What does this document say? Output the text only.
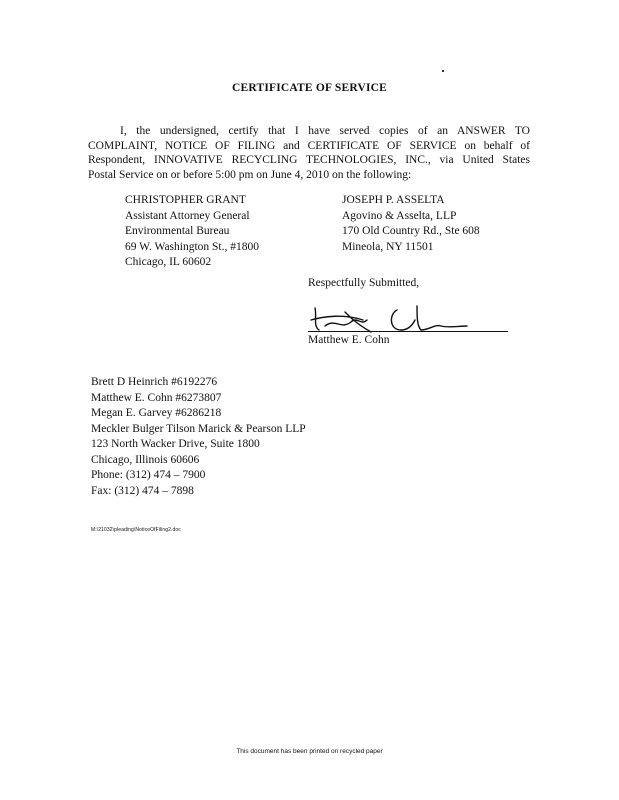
CERTIFICATE OF SERVICE
I, the undersigned, certify that I have served copies of an ANSWER TO
COMPLAINT, NOTICE OF FILING and CERTIFICATE OF SERVICE on behalf of
Respondent, INNOVATIVE RECYCLING TECHNOLOGIES, INC., via United States
Postal Service on or before 5:00 pm on June 4, 2010 on the following:
CHRISTOPHER GRANT
Assistant Attorney General
Environmental Bureau
69 W. Washington St., #1800
Chicago, IL 60602
JOSEPH P. ASSELTA
Agovino & Asselta, LLP
170 Old Country Rd., Ste 608
Mineola, NY 11501
Respectfully Submitted,
Matthew E. Cohn
Brett D Heinrich #6192276
Matthew E. Cohn #6273807
Megan E. Garvey #6286218
Meckler Bulger Tilson Marick & Pearson LLP
123 North Wacker Drive, Suite 1800
Chicago, Illinois 60606
Phone: (312) 474 – 7900
Fax: (312) 474 – 7898
M:\21032\pleading\NoticeOfFiling2.doc
This document has been printed on recycled paper
